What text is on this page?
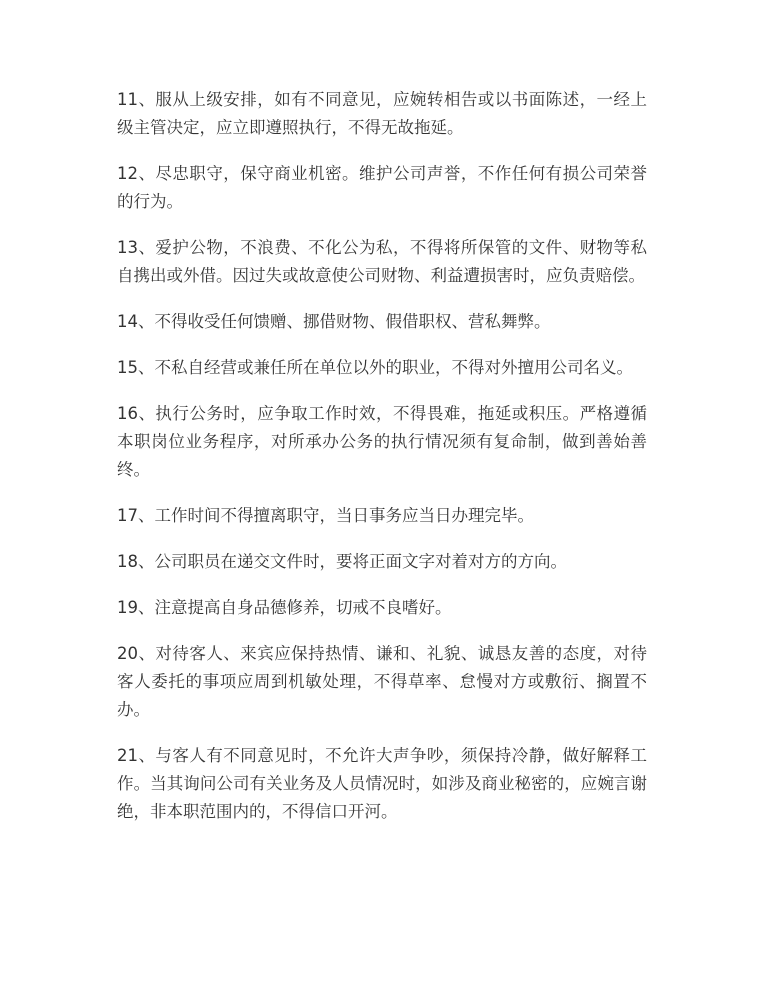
11、服从上级安排，如有不同意见，应婉转相告或以书面陈述，一经上级主管决定，应立即遵照执行，不得无故拖延。

12、尽忠职守，保守商业机密。维护公司声誉，不作任何有损公司荣誉的行为。

13、爱护公物，不浪费、不化公为私，不得将所保管的文件、财物等私自携出或外借。因过失或故意使公司财物、利益遭损害时，应负责赔偿。

14、不得收受任何馈赠、挪借财物、假借职权、营私舞弊。

15、不私自经营或兼任所在单位以外的职业，不得对外擅用公司名义。

16、执行公务时，应争取工作时效，不得畏难，拖延或积压。严格遵循本职岗位业务程序，对所承办公务的执行情况须有复命制，做到善始善终。

17、工作时间不得擅离职守，当日事务应当日办理完毕。

18、公司职员在递交文件时，要将正面文字对着对方的方向。

19、注意提高自身品德修养，切戒不良嗜好。

20、对待客人、来宾应保持热情、谦和、礼貌、诚恳友善的态度，对待客人委托的事项应周到机敏处理，不得草率、怠慢对方或敷衍、搁置不办。

21、与客人有不同意见时，不允许大声争吵，须保持冷静，做好解释工作。当其询问公司有关业务及人员情况时，如涉及商业秘密的，应婉言谢绝，非本职范围内的，不得信口开河。
